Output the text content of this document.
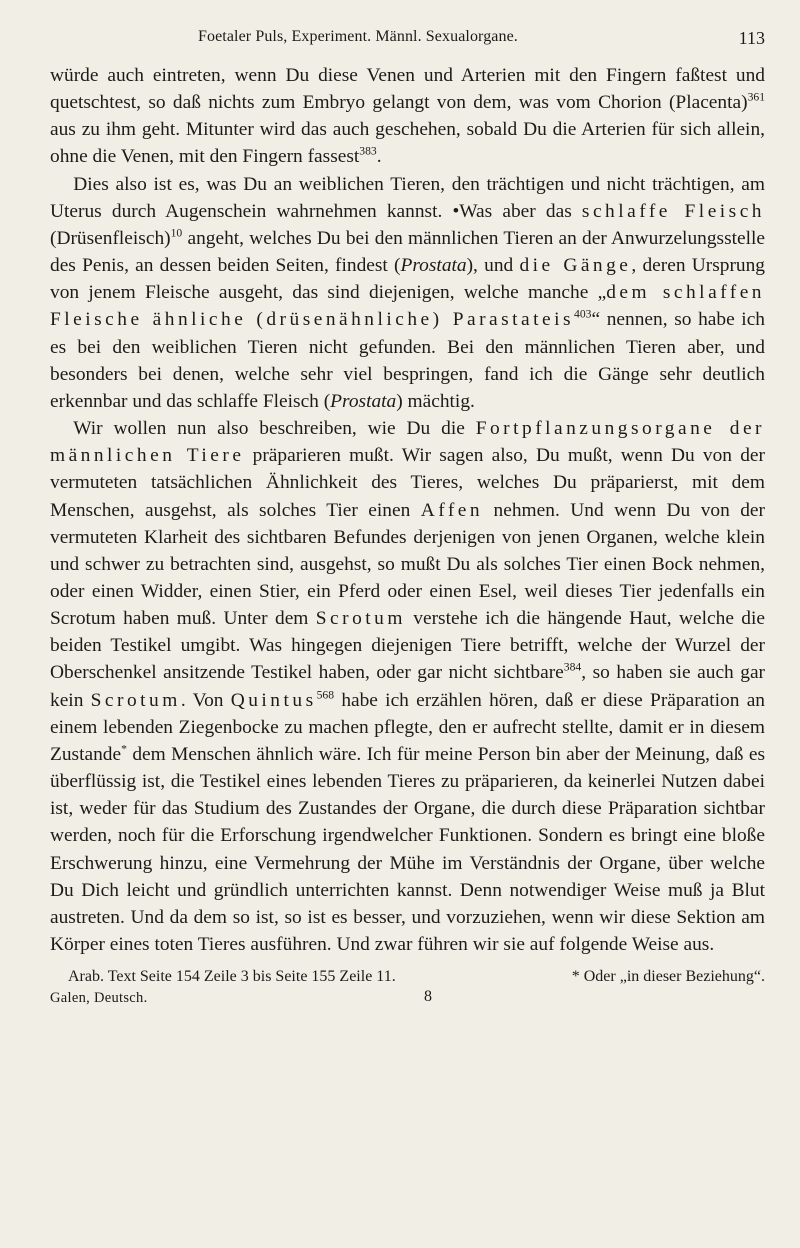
Foetaler Puls, Experiment. Männl. Sexualorgane.	113

würde auch eintreten, wenn Du diese Venen und Arterien mit den Fingern faßtest und quetschtest, so daß nichts zum Embryo gelangt von dem, was vom Chorion (Placenta)$^{361}$ aus zu ihm geht. Mitunter wird das auch geschehen, sobald Du die Arterien für sich allein, ohne die Venen, mit den Fingern fassest$^{383}$.

Dies also ist es, was Du an weiblichen Tieren, den trächtigen und nicht trächtigen, am Uterus durch Augenschein wahrnehmen kannst. •Was aber das schlaffe Fleisch (Drüsenfleisch)$^{10}$ angeht, welches Du bei den männlichen Tieren an der Anwurzelungsstelle des Penis, an dessen beiden Seiten, findest (Prostata), und die Gänge, deren Ursprung von jenem Fleische ausgeht, das sind diejenigen, welche manche „dem schlaffen Fleische ähnliche (drüsenähnliche) Parastateis$^{403}$“ nennen, so habe ich es bei den weiblichen Tieren nicht gefunden. Bei den männlichen Tieren aber, und besonders bei denen, welche sehr viel bespringen, fand ich die Gänge sehr deutlich erkennbar und das schlaffe Fleisch (Prostata) mächtig.

Wir wollen nun also beschreiben, wie Du die Fortpflanzungsorgane der männlichen Tiere präparieren mußt. Wir sagen also, Du mußt, wenn Du von der vermuteten tatsächlichen Ähnlichkeit des Tieres, welches Du präparierst, mit dem Menschen, ausgehst, als solches Tier einen Affen nehmen. Und wenn Du von der vermuteten Klarheit des sichtbaren Befundes derjenigen von jenen Organen, welche klein und schwer zu betrachten sind, ausgehst, so mußt Du als solches Tier einen Bock nehmen, oder einen Widder, einen Stier, ein Pferd oder einen Esel, weil dieses Tier jedenfalls ein Scrotum haben muß. Unter dem Scrotum verstehe ich die hängende Haut, welche die beiden Testikel umgibt. Was hingegen diejenigen Tiere betrifft, welche der Wurzel der Oberschenkel ansitzende Testikel haben, oder gar nicht sichtbare$^{384}$, so haben sie auch gar kein Scrotum. Von Quintus$^{568}$ habe ich erzählen hören, daß er diese Präparation an einem lebenden Ziegenbocke zu machen pflegte, den er aufrecht stellte, damit er in diesem Zustande* dem Menschen ähnlich wäre. Ich für meine Person bin aber der Meinung, daß es überflüssig ist, die Testikel eines lebenden Tieres zu präparieren, da keinerlei Nutzen dabei ist, weder für das Studium des Zustandes der Organe, die durch diese Präparation sichtbar werden, noch für die Erforschung irgendwelcher Funktionen. Sondern es bringt eine bloße Erschwerung hinzu, eine Vermehrung der Mühe im Verständnis der Organe, über welche Du Dich leicht und gründlich unterrichten kannst. Denn notwendiger Weise muß ja Blut austreten. Und da dem so ist, so ist es besser, und vorzuziehen, wenn wir diese Sektion am Körper eines toten Tieres ausführen. Und zwar führen wir sie auf folgende Weise aus.

Arab. Text Seite 154 Zeile 3 bis Seite 155 Zeile 11.	* Oder „in dieser Beziehung“.
Galen, Deutsch.	8
